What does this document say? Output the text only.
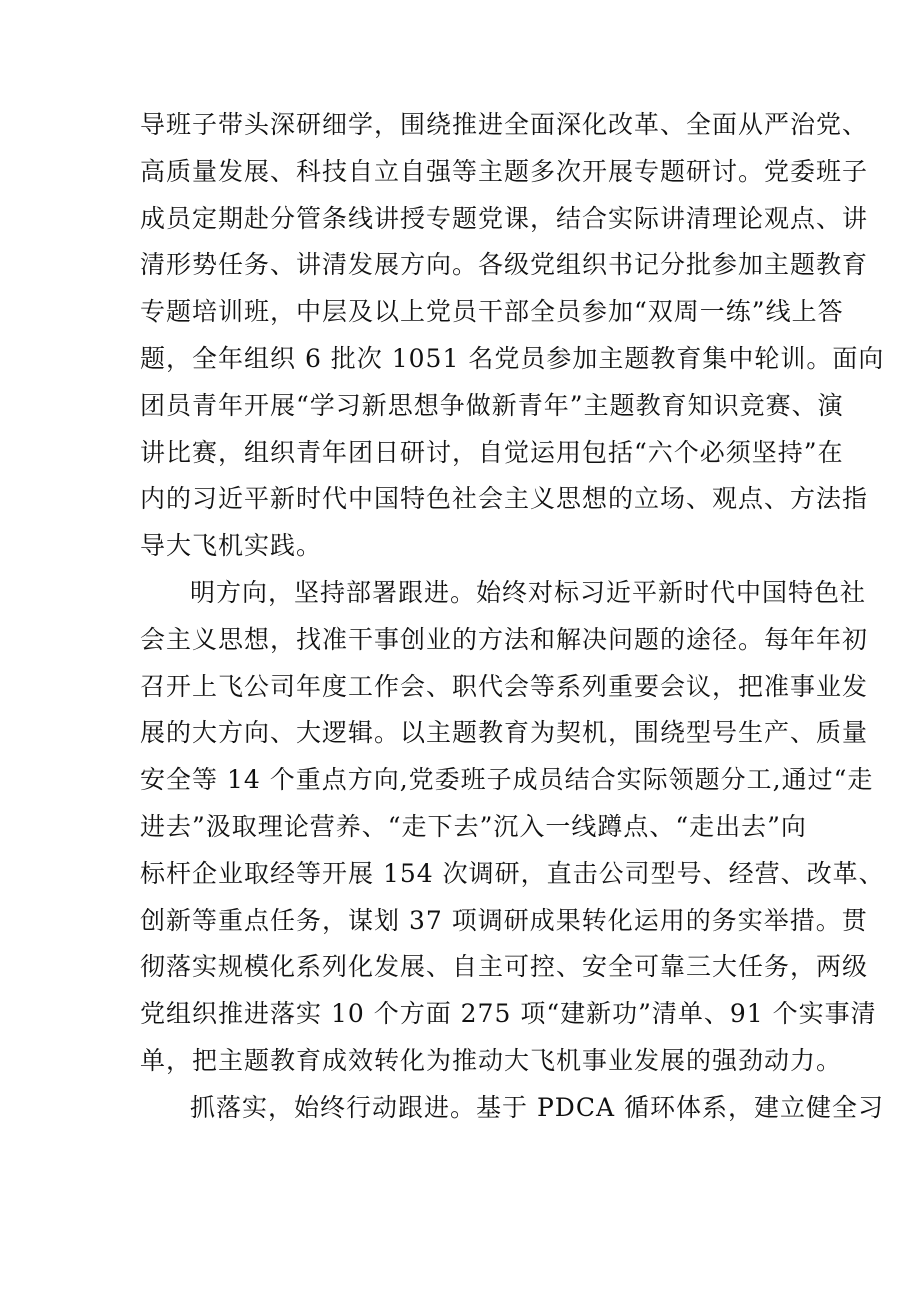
导班子带头深研细学，围绕推进全面深化改革、全面从严治党、
高质量发展、科技自立自强等主题多次开展专题研讨。党委班子
成员定期赴分管条线讲授专题党课，结合实际讲清理论观点、讲
清形势任务、讲清发展方向。各级党组织书记分批参加主题教育
专题培训班，中层及以上党员干部全员参加“双周一练”线上答
题，全年组织 6 批次 1051 名党员参加主题教育集中轮训。面向
团员青年开展“学习新思想争做新青年”主题教育知识竞赛、演
讲比赛，组织青年团日研讨，自觉运用包括“六个必须坚持”在
内的习近平新时代中国特色社会主义思想的立场、观点、方法指
导大飞机实践。
明方向，坚持部署跟进。始终对标习近平新时代中国特色社
会主义思想，找准干事创业的方法和解决问题的途径。每年年初
召开上飞公司年度工作会、职代会等系列重要会议，把准事业发
展的大方向、大逻辑。以主题教育为契机，围绕型号生产、质量
安全等 14 个重点方向,党委班子成员结合实际领题分工,通过“走
进去”汲取理论营养、“走下去”沉入一线蹲点、“走出去”向
标杆企业取经等开展 154 次调研，直击公司型号、经营、改革、
创新等重点任务，谋划 37 项调研成果转化运用的务实举措。贯
彻落实规模化系列化发展、自主可控、安全可靠三大任务，两级
党组织推进落实 10 个方面 275 项“建新功”清单、91 个实事清
单，把主题教育成效转化为推动大飞机事业发展的强劲动力。
抓落实，始终行动跟进。基于 PDCA 循环体系，建立健全习
